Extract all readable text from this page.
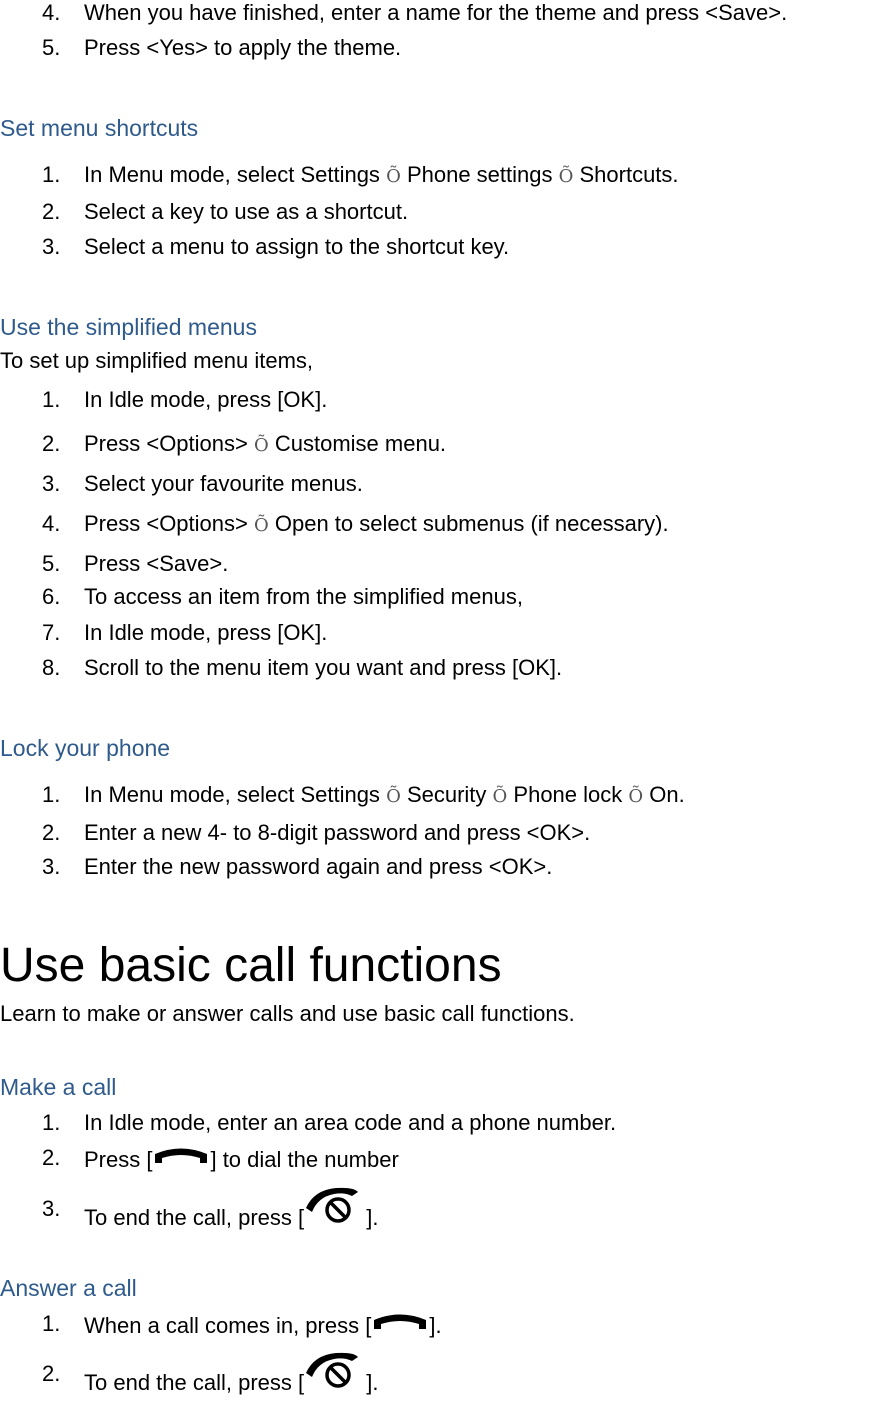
4. When you have finished, enter a name for the theme and press <Save>.
5. Press <Yes> to apply the theme.
Set menu shortcuts
1. In Menu mode, select Settings Õ Phone settings Õ Shortcuts.
2. Select a key to use as a shortcut.
3. Select a menu to assign to the shortcut key.
Use the simplified menus
To set up simplified menu items,
1. In Idle mode, press [OK].
2. Press <Options> Õ Customise menu.
3. Select your favourite menus.
4. Press <Options> Õ Open to select submenus (if necessary).
5. Press <Save>.
6. To access an item from the simplified menus,
7. In Idle mode, press [OK].
8. Scroll to the menu item you want and press [OK].
Lock your phone
1. In Menu mode, select Settings Õ Security Õ Phone lock Õ On.
2. Enter a new 4- to 8-digit password and press <OK>.
3. Enter the new password again and press <OK>.
Use basic call functions
Learn to make or answer calls and use basic call functions.
Make a call
1. In Idle mode, enter an area code and a phone number.
2. Press [	] to dial the number
3. To end the call, press [	].
Answer a call
1. When a call comes in, press [	].
2. To end the call, press [	].
